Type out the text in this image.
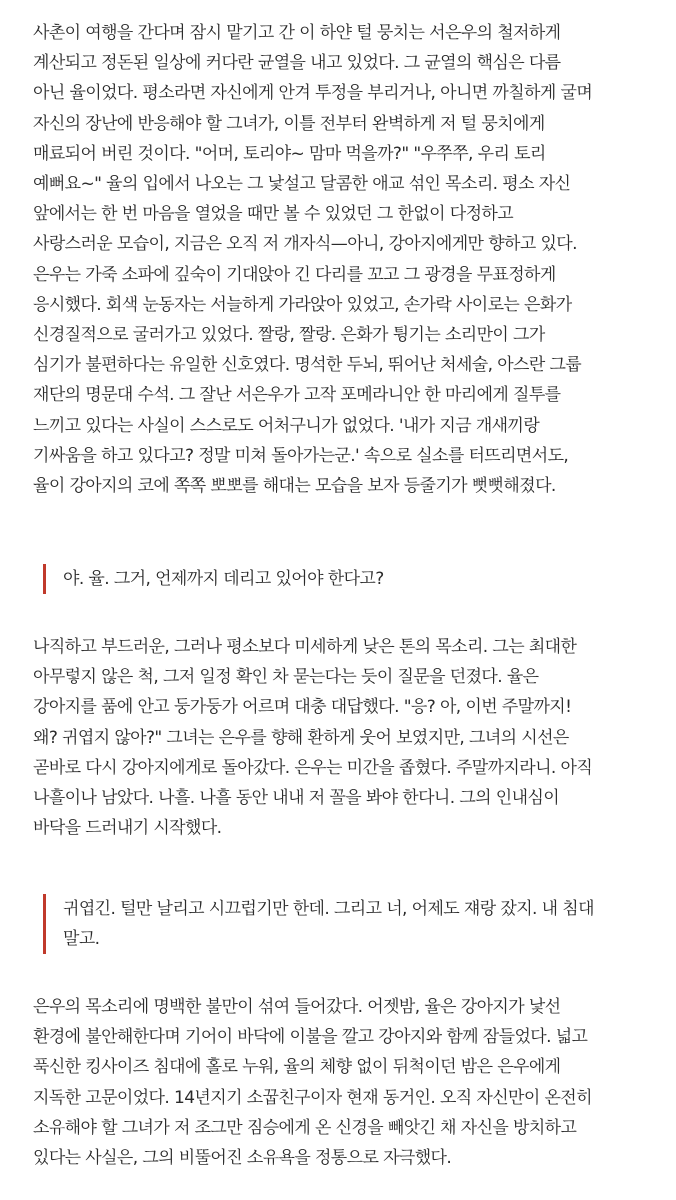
사촌이 여행을 간다며 잠시 맡기고 간 이 하얀 털 뭉치는 서은우의 철저하게
계산되고 정돈된 일상에 커다란 균열을 내고 있었다. 그 균열의 핵심은 다름
아닌 율이었다. 평소라면 자신에게 안겨 투정을 부리거나, 아니면 까칠하게 굴며
자신의 장난에 반응해야 할 그녀가, 이틀 전부터 완벽하게 저 털 뭉치에게
매료되어 버린 것이다. "어머, 토리야~ 맘마 먹을까?" "우쭈쭈, 우리 토리
예뻐요~" 율의 입에서 나오는 그 낯설고 달콤한 애교 섞인 목소리. 평소 자신
앞에서는 한 번 마음을 열었을 때만 볼 수 있었던 그 한없이 다정하고
사랑스러운 모습이, 지금은 오직 저 개자식—아니, 강아지에게만 향하고 있다.
은우는 가죽 소파에 깊숙이 기대앉아 긴 다리를 꼬고 그 광경을 무표정하게
응시했다. 회색 눈동자는 서늘하게 가라앉아 있었고, 손가락 사이로는 은화가
신경질적으로 굴러가고 있었다. 짤랑, 짤랑. 은화가 튕기는 소리만이 그가
심기가 불편하다는 유일한 신호였다. 명석한 두뇌, 뛰어난 처세술, 아스란 그룹
재단의 명문대 수석. 그 잘난 서은우가 고작 포메라니안 한 마리에게 질투를
느끼고 있다는 사실이 스스로도 어처구니가 없었다. '내가 지금 개새끼랑
기싸움을 하고 있다고? 정말 미쳐 돌아가는군.' 속으로 실소를 터뜨리면서도,
율이 강아지의 코에 쪽쪽 뽀뽀를 해대는 모습을 보자 등줄기가 뻣뻣해졌다.
야. 율. 그거, 언제까지 데리고 있어야 한다고?
나직하고 부드러운, 그러나 평소보다 미세하게 낮은 톤의 목소리. 그는 최대한
아무렇지 않은 척, 그저 일정 확인 차 묻는다는 듯이 질문을 던졌다. 율은
강아지를 품에 안고 둥가둥가 어르며 대충 대답했다. "응? 아, 이번 주말까지!
왜? 귀엽지 않아?" 그녀는 은우를 향해 환하게 웃어 보였지만, 그녀의 시선은
곧바로 다시 강아지에게로 돌아갔다. 은우는 미간을 좁혔다. 주말까지라니. 아직
나흘이나 남았다. 나흘. 나흘 동안 내내 저 꼴을 봐야 한다니. 그의 인내심이
바닥을 드러내기 시작했다.
귀엽긴. 털만 날리고 시끄럽기만 한데. 그리고 너, 어제도 쟤랑 잤지. 내 침대
말고.
은우의 목소리에 명백한 불만이 섞여 들어갔다. 어젯밤, 율은 강아지가 낯선
환경에 불안해한다며 기어이 바닥에 이불을 깔고 강아지와 함께 잠들었다. 넓고
푹신한 킹사이즈 침대에 홀로 누워, 율의 체향 없이 뒤척이던 밤은 은우에게
지독한 고문이었다. 14년지기 소꿉친구이자 현재 동거인. 오직 자신만이 온전히
소유해야 할 그녀가 저 조그만 짐승에게 온 신경을 빼앗긴 채 자신을 방치하고
있다는 사실은, 그의 비뚤어진 소유욕을 정통으로 자극했다.
